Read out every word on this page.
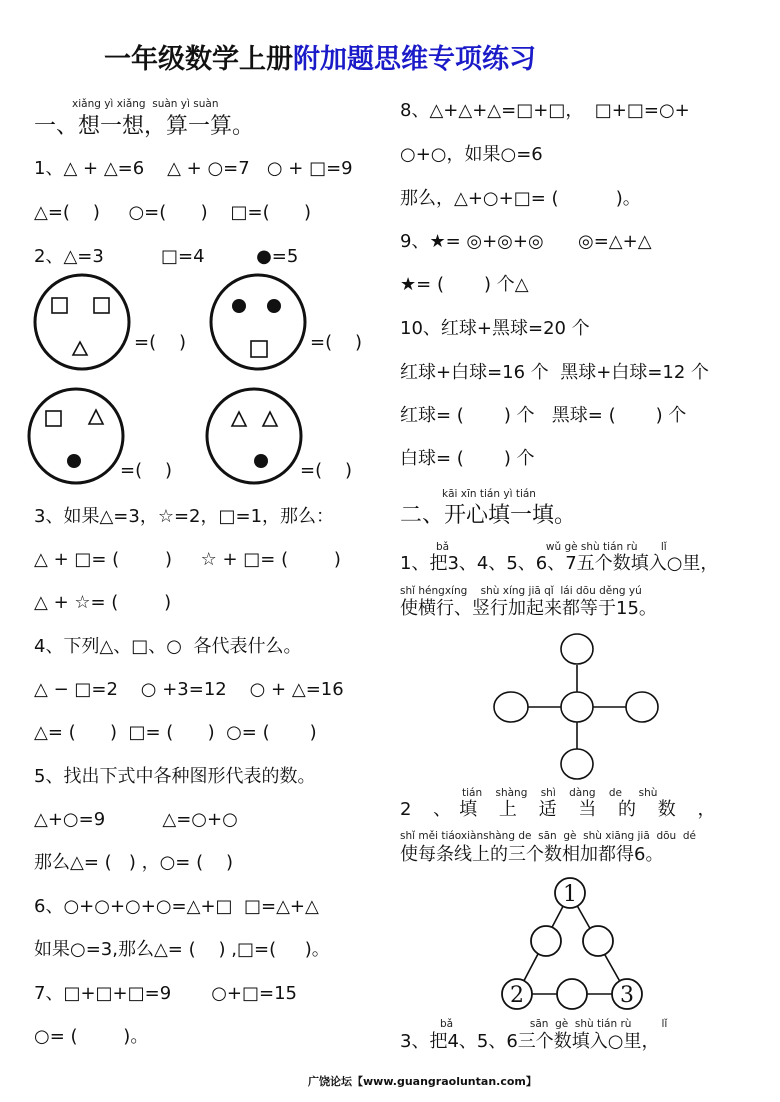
一年级数学上册附加题思维专项练习
xiǎng yì xiǎng  suàn yì suàn
一、想一想，算一算。
1、△ + △=6    △ + ○=7   ○ + □=9
△=(    )     ○=(      )    □=(      )
2、△=3          □=4         ●=5
=(    )	=(    )
=(    )	=(    )
3、如果△=3，☆=2，□=1，那么：
△ + □= (        )     ☆ + □= (        )
△ + ☆= (        )
4、下列△、□、○  各代表什么。
△ − □=2    ○ +3=12    ○ + △=16
△= (      )  □= (      )  ○= (       )
5、找出下式中各种图形代表的数。
△+○=9          △=○+○
那么△= (   ) ，○= (    )
6、○+○+○+○=△+□  □=△+△
如果○=3,那么△= (    ) ,□=(     )。
7、□+□+□=9       ○+□=15
○= (        )。
8、△+△+△=□+□，  □+□=○+
○+○，如果○=6
那么，△+○+□= (          )。
9、★= ◎+◎+◎      ◎=△+△
★= (       ) 个△
10、红球+黑球=20 个
红球+白球=16 个  黑球+白球=12 个
红球= (       ) 个   黑球= (       ) 个
白球= (       ) 个
kāi xīn tián yì tián
二、开心填一填。
bǎ                             wǔ gè shù tián rù       lǐ
1、把3、4、5、6、7五个数填入○里，
shǐ héngxíng    shù xíng jiā qǐ  lái dōu děng yú
使横行、竖行加起来都等于15。
tián    shàng    shì    dàng    de     shù
2 、填 上 适 当 的 数 ，
shǐ měi tiáoxiànshàng de  sān  gè  shù xiāng jiā  dōu  dé
使每条线上的三个数相加都得6。
bǎ                       sān  gè  shù tián rù         lǐ
3、把4、5、6三个数填入○里，
广饶论坛【www.guangraoluntan.com】
1
2	3
